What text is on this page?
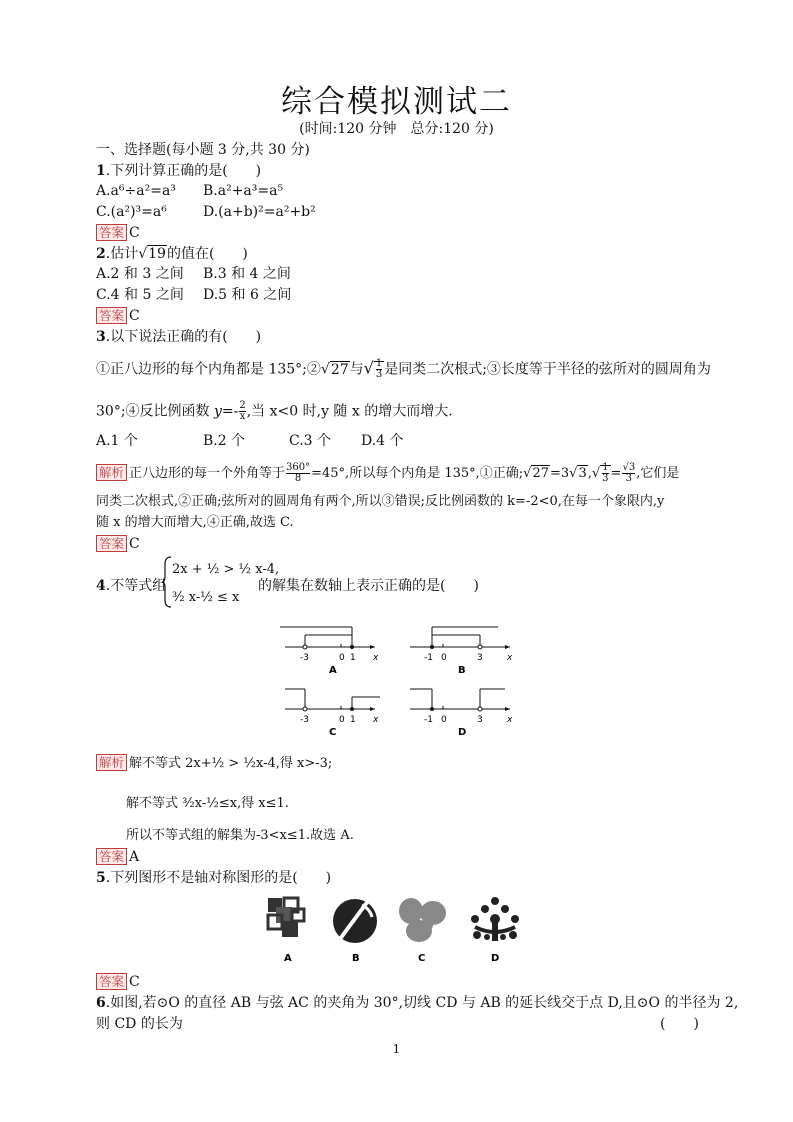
综合模拟测试二
(时间:120 分钟　总分:120 分)
一、选择题(每小题 3 分,共 30 分)
1.下列计算正确的是(　　)
A.a⁶÷a²=a³ B.a²+a³=a⁵
C.(a²)³=a⁶	D.(a+b)²=a²+b²
答案 C
2.估计√19的值在(　　)
A.2 和 3 之间 B.3 和 4 之间
C.4 和 5 之间 D.5 和 6 之间
答案 C
3.以下说法正确的有(　　)
①正八边形的每个内角都是 135°;②√27与√ $\frac{1}{3}$ 是同类二次根式;③长度等于半径的弦所对的圆周角为
30°;④反比例函数 $y=- \frac{2}{x}$ ,当 x<0 时,y 随 x 的增大而增大.
A.1 个	B.2 个	C.3 个 D.4 个
解析 正八边形的每一个外角等于 $\frac{360^\circ}{8} =45^\circ$,所以每个内角是 135°,①正确;√27=3√3,√ $\frac{1}{3} = \frac{√3}{3}$ ,它们是
同类二次根式,②正确;弦所对的圆周角有两个,所以③错误;反比例函数的 k=-2<0,在每一个象限内,y
随 x 的增大而增大,④正确,故选 C.
答案 C
4.不等式组
2x + ½ > ½ x-4,
³⁄₂ x-½ ≤ x
的解集在数轴上表示正确的是(　　)
-3	0 1 x
A
-1 0	3	x
B
-3	0 1 x
C
-1 0	3	x
D
解析 解不等式 2x+½ > ½x-4,得 x>-3;
解不等式 ³⁄₂x-½≤x,得 x≤1.
所以不等式组的解集为-3<x≤1.故选 A.
答案 A
5.下列图形不是轴对称图形的是(　　)
A	B	C	D
答案 C
6.如图,若⊙O 的直径 AB 与弦 AC 的夹角为 30°,切线 CD 与 AB 的延长线交于点 D,且⊙O 的半径为 2,
则 CD 的长为	(　　)
1
